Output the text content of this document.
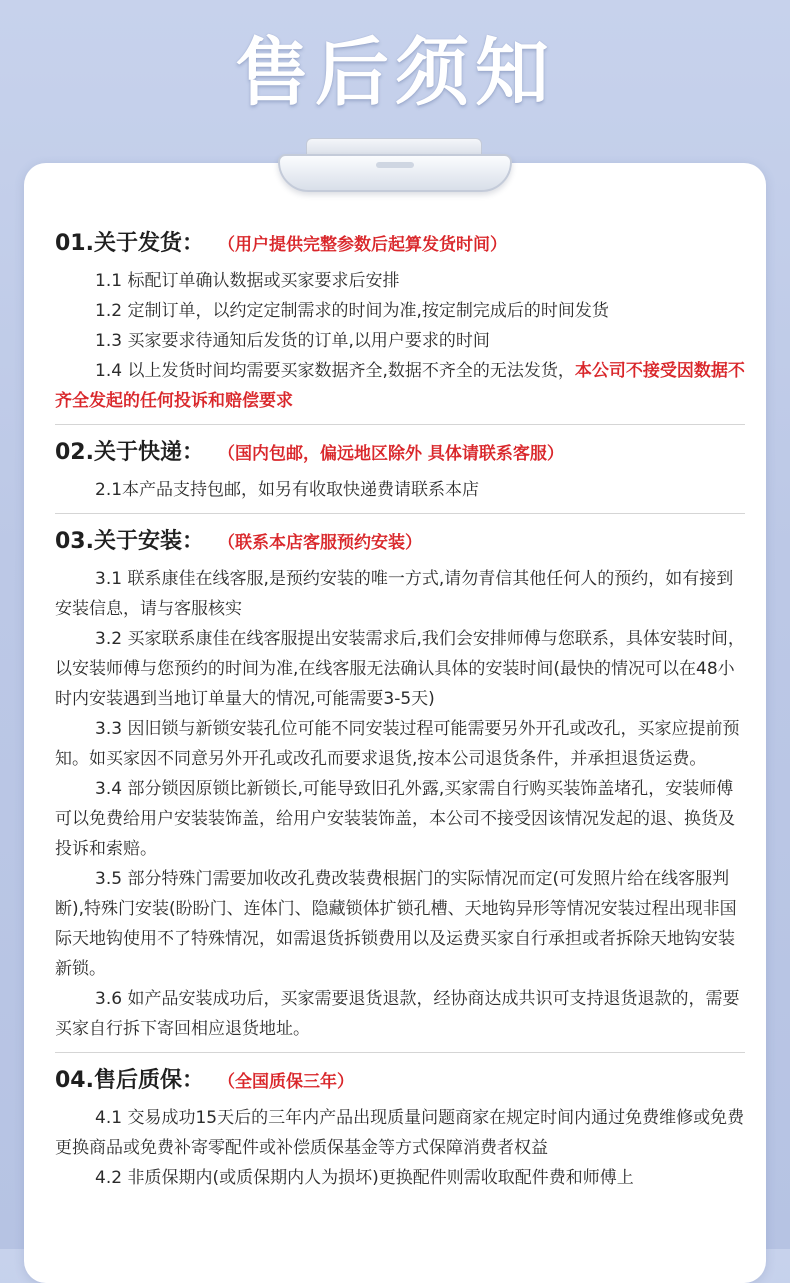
售后须知
01.关于发货： （用户提供完整参数后起算发货时间）

1.1 标配订单确认数据或买家要求后安排

1.2 定制订单，以约定定制需求的时间为准,按定制完成后的时间发货

1.3 买家要求待通知后发货的订单,以用户要求的时间

1.4 以上发货时间均需要买家数据齐全,数据不齐全的无法发货，本公司不接受因数据不齐全发起的任何投诉和赔偿要求

02.关于快递： （国内包邮，偏远地区除外 具体请联系客服）

2.1本产品支持包邮，如另有收取快递费请联系本店

03.关于安装： （联系本店客服预约安装）

3.1 联系康佳在线客服,是预约安装的唯一方式,请勿青信其他任何人的预约，如有接到安装信息，请与客服核实

3.2 买家联系康佳在线客服提出安装需求后,我们会安排师傅与您联系，具体安装时间，以安装师傅与您预约的时间为准,在线客服无法确认具体的安装时间(最快的情况可以在48小时内安装遇到当地订单量大的情况,可能需要3-5天)

3.3 因旧锁与新锁安装孔位可能不同安装过程可能需要另外开孔或改孔，买家应提前预知。如买家因不同意另外开孔或改孔而要求退货,按本公司退货条件，并承担退货运费。

3.4 部分锁因原锁比新锁长,可能导致旧孔外露,买家需自行购买装饰盖堵孔，安装师傅可以免费给用户安装装饰盖，给用户安装装饰盖，本公司不接受因该情况发起的退、换货及投诉和索赔。

3.5 部分特殊门需要加收改孔费改装费根据门的实际情况而定(可发照片给在线客服判断),特殊门安装(盼盼门、连体门、隐藏锁体扩锁孔槽、天地钩异形等情况安装过程出现非国际天地钩使用不了特殊情况，如需退货拆锁费用以及运费买家自行承担或者拆除天地钩安装新锁。

3.6 如产品安装成功后，买家需要退货退款，经协商达成共识可支持退货退款的，需要买家自行拆下寄回相应退货地址。

04.售后质保： （全国质保三年）

4.1 交易成功15天后的三年内产品出现质量问题商家在规定时间内通过免费维修或免费更换商品或免费补寄零配件或补偿质保基金等方式保障消费者权益

4.2 非质保期内(或质保期内人为损坏)更换配件则需收取配件费和师傅上
